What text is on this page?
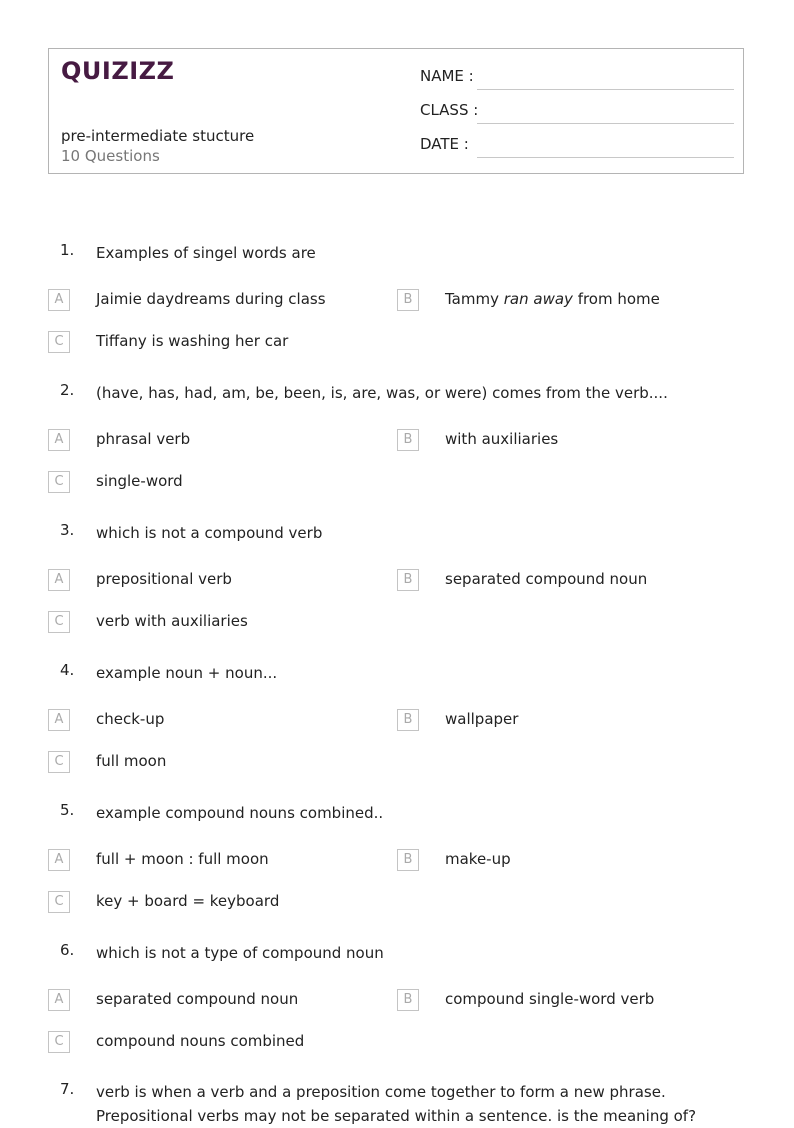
QUIZIZZ
pre-intermediate stucture
10 Questions
NAME :
CLASS :
DATE :
1. Examples of singel words are
A	Jaimie daydreams during class	B	Tammy ran away from home
C	Tiffany is washing her car
2. (have, has, had, am, be, been, is, are, was, or were) comes from the verb....
A	phrasal verb	B	with auxiliaries
C	single-word
3. which is not a compound verb
A	prepositional verb	B	separated compound noun
C	verb with auxiliaries
4. example noun + noun...
A	check-up	B	wallpaper
C	full moon
5. example compound nouns combined..
A	full + moon : full moon	B	make-up
C	key + board = keyboard
6. which is not a type of compound noun
A	separated compound noun	B	compound single-word verb
C	compound nouns combined
7. verb is when a verb and a preposition come together to form a new phrase. Prepositional verbs may not be separated within a sentence. is the meaning of?
